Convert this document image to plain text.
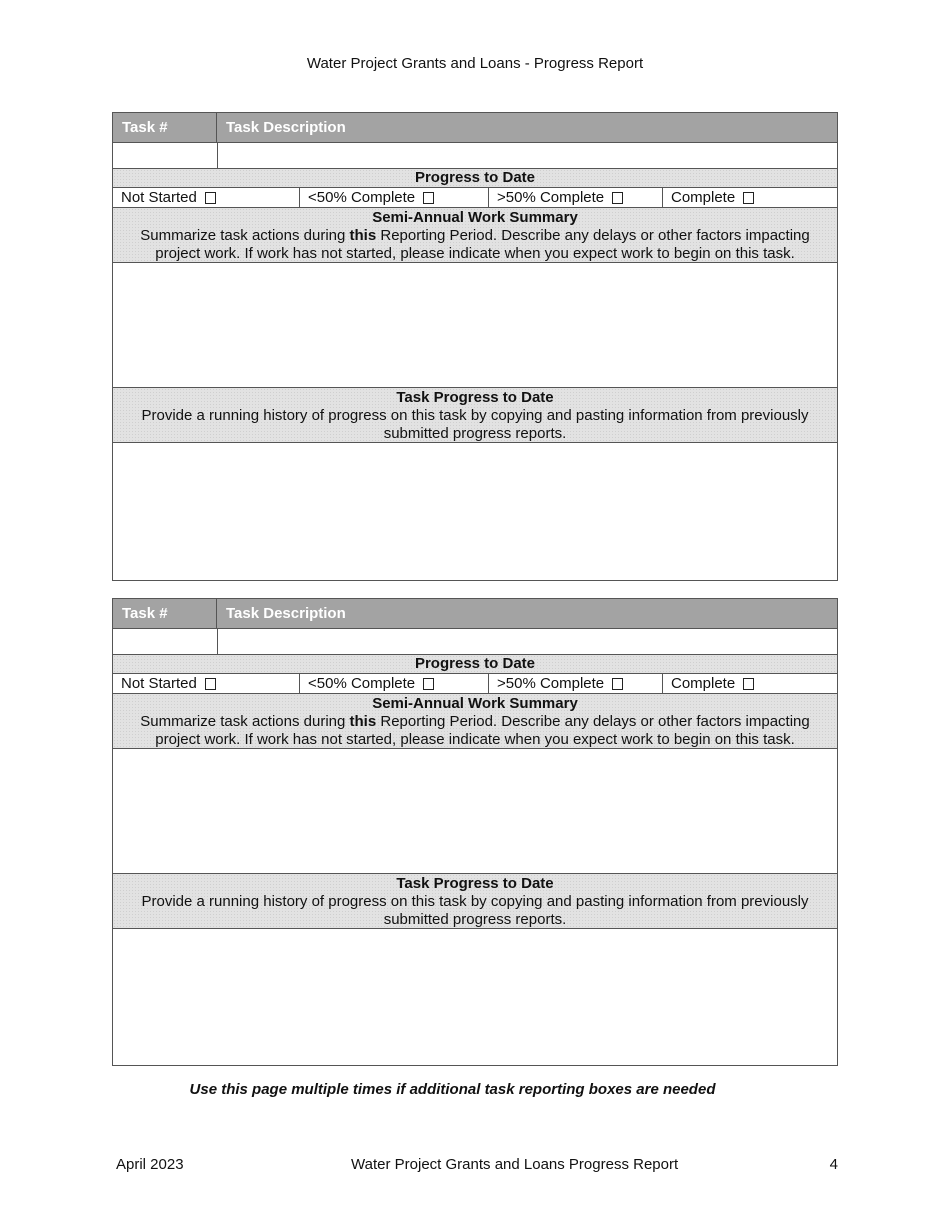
Water Project Grants and Loans - Progress Report
Task #	Task Description
Progress to Date
Not Started	<50% Complete	>50% Complete	Complete
Semi-Annual Work Summary
Summarize task actions during this Reporting Period. Describe any delays or other factors impacting project work. If work has not started, please indicate when you expect work to begin on this task.
Task Progress to Date
Provide a running history of progress on this task by copying and pasting information from previously submitted progress reports.
Task #	Task Description
Progress to Date
Not Started	<50% Complete	>50% Complete	Complete
Semi-Annual Work Summary
Summarize task actions during this Reporting Period. Describe any delays or other factors impacting project work. If work has not started, please indicate when you expect work to begin on this task.
Task Progress to Date
Provide a running history of progress on this task by copying and pasting information from previously submitted progress reports.
Use this page multiple times if additional task reporting boxes are needed
April 2023	Water Project Grants and Loans Progress Report	4
